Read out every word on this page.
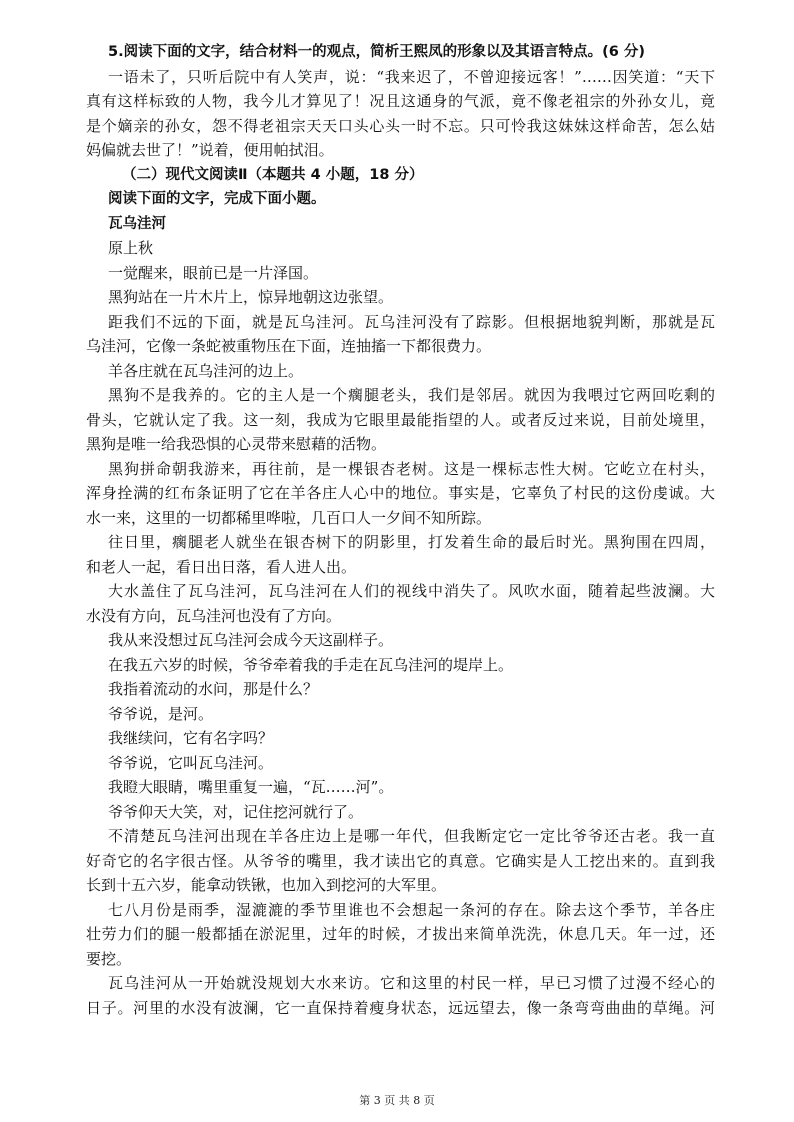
5.阅读下面的文字，结合材料一的观点，简析王熙凤的形象以及其语言特点。(6 分)
一语未了，只听后院中有人笑声，说：“我来迟了，不曾迎接远客！”……因笑道：“天下
真有这样标致的人物，我今儿才算见了！况且这通身的气派，竟不像老祖宗的外孙女儿，竟
是个嫡亲的孙女，怨不得老祖宗天天口头心头一时不忘。只可怜我这妹妹这样命苦，怎么姑
妈偏就去世了！”说着，便用帕拭泪。
（二）现代文阅读Ⅱ（本题共 4 小题，18 分）
阅读下面的文字，完成下面小题。
瓦乌洼河
原上秋
一觉醒来，眼前已是一片泽国。
黑狗站在一片木片上，惊异地朝这边张望。
距我们不远的下面，就是瓦乌洼河。瓦乌洼河没有了踪影。但根据地貌判断，那就是瓦
乌洼河，它像一条蛇被重物压在下面，连抽搐一下都很费力。
羊各庄就在瓦乌洼河的边上。
黑狗不是我养的。它的主人是一个瘸腿老头，我们是邻居。就因为我喂过它两回吃剩的
骨头，它就认定了我。这一刻，我成为它眼里最能指望的人。或者反过来说，目前处境里，
黑狗是唯一给我恐惧的心灵带来慰藉的活物。
黑狗拼命朝我游来，再往前，是一棵银杏老树。这是一棵标志性大树。它屹立在村头，
浑身拴满的红布条证明了它在羊各庄人心中的地位。事实是，它辜负了村民的这份虔诚。大
水一来，这里的一切都稀里哗啦，几百口人一夕间不知所踪。
往日里，瘸腿老人就坐在银杏树下的阴影里，打发着生命的最后时光。黑狗围在四周，
和老人一起，看日出日落，看人进人出。
大水盖住了瓦乌洼河，瓦乌洼河在人们的视线中消失了。风吹水面，随着起些波澜。大
水没有方向，瓦乌洼河也没有了方向。
我从来没想过瓦乌洼河会成今天这副样子。
在我五六岁的时候，爷爷牵着我的手走在瓦乌洼河的堤岸上。
我指着流动的水问，那是什么？
爷爷说，是河。
我继续问，它有名字吗？
爷爷说，它叫瓦乌洼河。
我瞪大眼睛，嘴里重复一遍，“瓦……河”。
爷爷仰天大笑，对，记住挖河就行了。
不清楚瓦乌洼河出现在羊各庄边上是哪一年代，但我断定它一定比爷爷还古老。我一直
好奇它的名字很古怪。从爷爷的嘴里，我才读出它的真意。它确实是人工挖出来的。直到我
长到十五六岁，能拿动铁锹，也加入到挖河的大军里。
七八月份是雨季，湿漉漉的季节里谁也不会想起一条河的存在。除去这个季节，羊各庄
壮劳力们的腿一般都插在淤泥里，过年的时候，才拔出来简单洗洗，休息几天。年一过，还
要挖。
瓦乌洼河从一开始就没规划大水来访。它和这里的村民一样，早已习惯了过漫不经心的
日子。河里的水没有波澜，它一直保持着瘦身状态，远远望去，像一条弯弯曲曲的草绳。河
第 3 页 共 8 页
